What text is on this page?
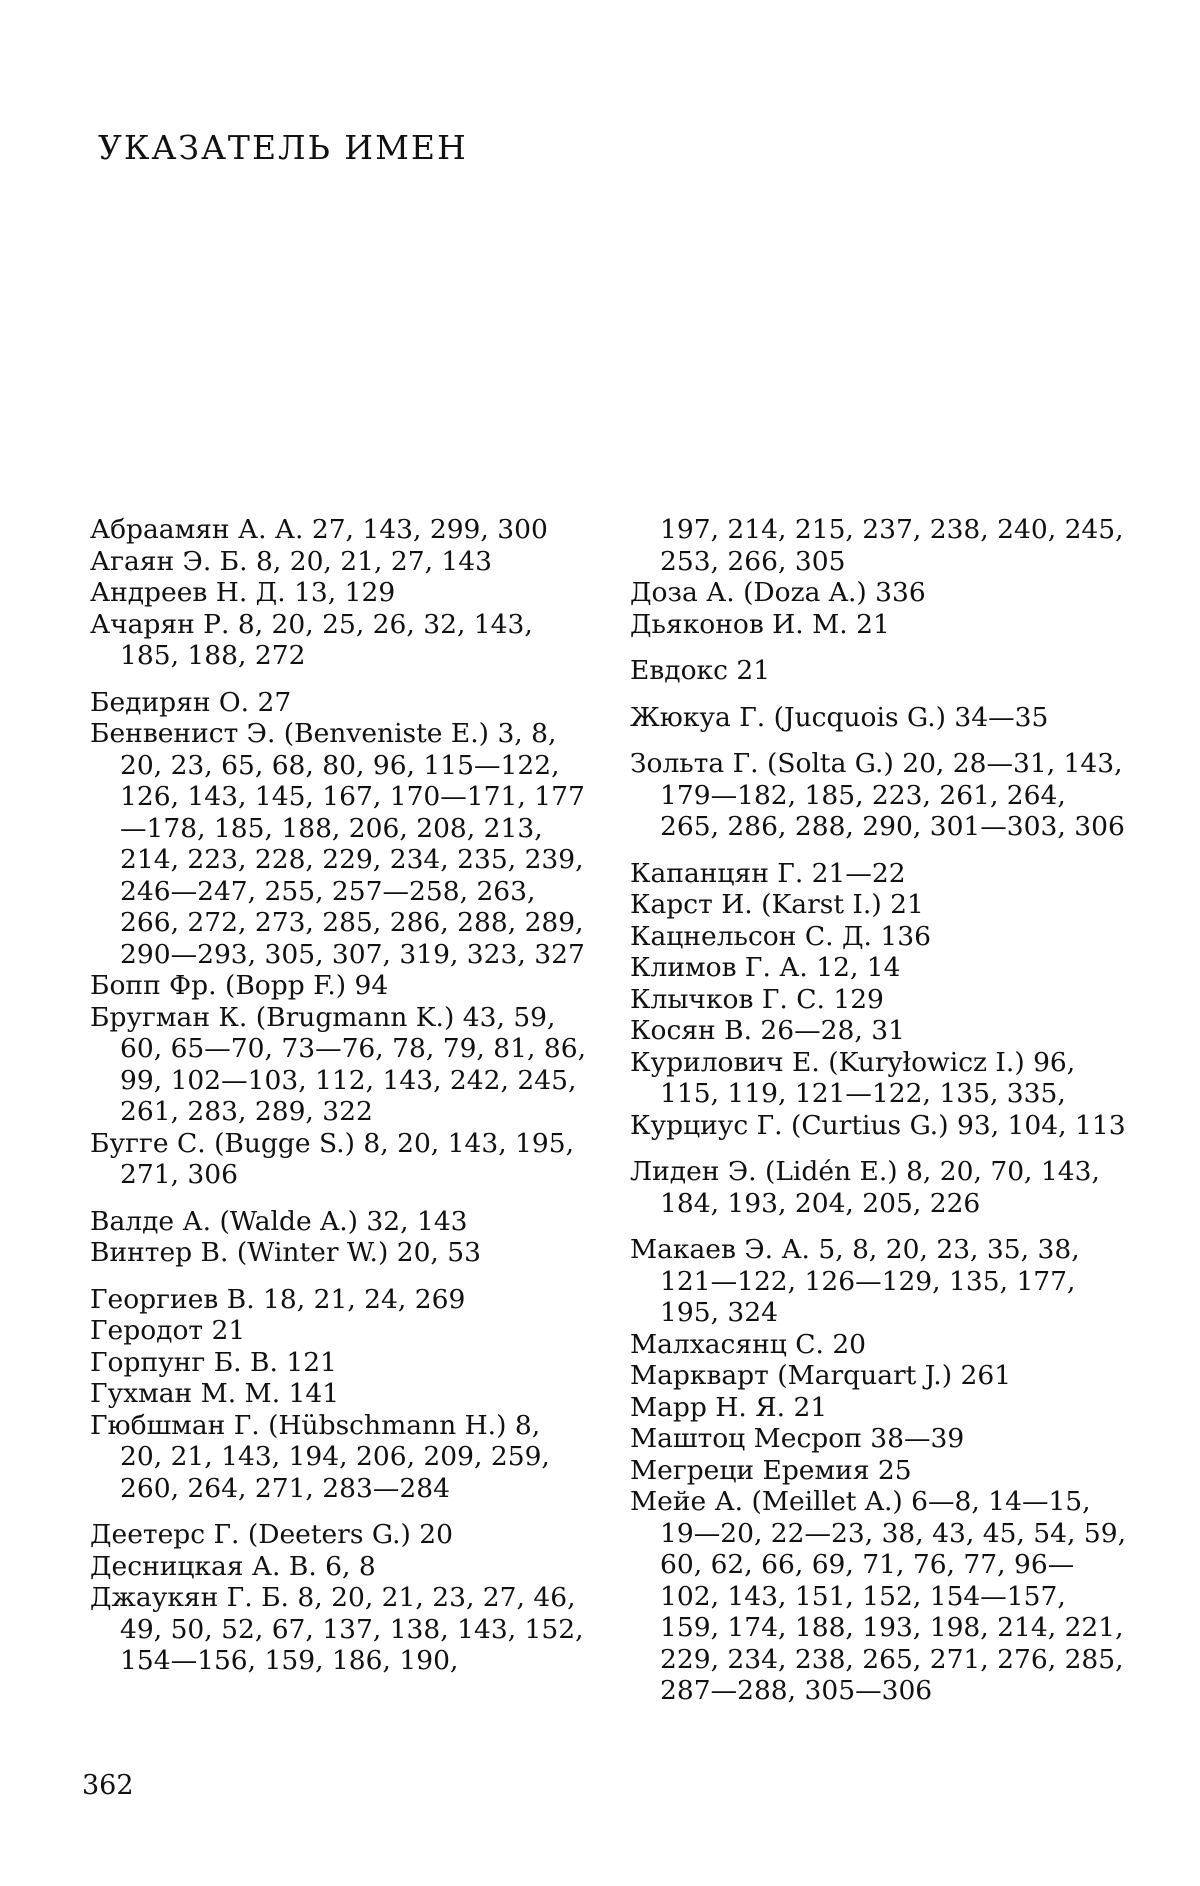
УКАЗАТЕЛЬ ИМЕН
Абраамян А. А. 27, 143, 299, 300
Агаян Э. Б. 8, 20, 21, 27, 143
Андреев Н. Д. 13, 129
Ачарян Р. 8, 20, 25, 26, 32, 143, 185, 188, 272
Бедирян О. 27
Бенвенист Э. (Benveniste E.) 3, 8, 20, 23, 65, 68, 80, 96, 115—122, 126, 143, 145, 167, 170—171, 177—178, 185, 188, 206, 208, 213, 214, 223, 228, 229, 234, 235, 239, 246—247, 255, 257—258, 263, 266, 272, 273, 285, 286, 288, 289, 290—293, 305, 307, 319, 323, 327
Бопп Фр. (Bopp F.) 94
Бругман К. (Brugmann K.) 43, 59, 60, 65—70, 73—76, 78, 79, 81, 86, 99, 102—103, 112, 143, 242, 245, 261, 283, 289, 322
Бугге С. (Bugge S.) 8, 20, 143, 195, 271, 306
Валде А. (Walde A.) 32, 143
Винтер В. (Winter W.) 20, 53
Георгиев В. 18, 21, 24, 269
Геродот 21
Горпунг Б. В. 121
Гухман М. М. 141
Гюбшман Г. (Hübschmann H.) 8, 20, 21, 143, 194, 206, 209, 259, 260, 264, 271, 283—284
Деетерс Г. (Deeters G.) 20
Десницкая А. В. 6, 8
Джаукян Г. Б. 8, 20, 21, 23, 27, 46, 49, 50, 52, 67, 137, 138, 143, 152, 154—156, 159, 186, 190,
197, 214, 215, 237, 238, 240, 245, 253, 266, 305
Доза А. (Doza A.) 336
Дьяконов И. М. 21
Евдокс 21
Жюкуа Г. (Jucquois G.) 34—35
Зольта Г. (Solta G.) 20, 28—31, 143, 179—182, 185, 223, 261, 264, 265, 286, 288, 290, 301—303, 306
Капанцян Г. 21—22
Карст И. (Karst I.) 21
Кацнельсон С. Д. 136
Климов Г. А. 12, 14
Клычков Г. С. 129
Косян В. 26—28, 31
Курилович Е. (Kuryłowicz I.) 96, 115, 119, 121—122, 135, 335,
Курциус Г. (Curtius G.) 93, 104, 113
Лиден Э. (Lidén E.) 8, 20, 70, 143, 184, 193, 204, 205, 226
Макаев Э. А. 5, 8, 20, 23, 35, 38, 121—122, 126—129, 135, 177, 195, 324
Малхасянц С. 20
Маркварт (Marquart J.) 261
Марр Н. Я. 21
Маштоц Месроп 38—39
Мегреци Еремия 25
Мейе А. (Meillet A.) 6—8, 14—15, 19—20, 22—23, 38, 43, 45, 54, 59, 60, 62, 66, 69, 71, 76, 77, 96—102, 143, 151, 152, 154—157, 159, 174, 188, 193, 198, 214, 221, 229, 234, 238, 265, 271, 276, 285, 287—288, 305—306
362
